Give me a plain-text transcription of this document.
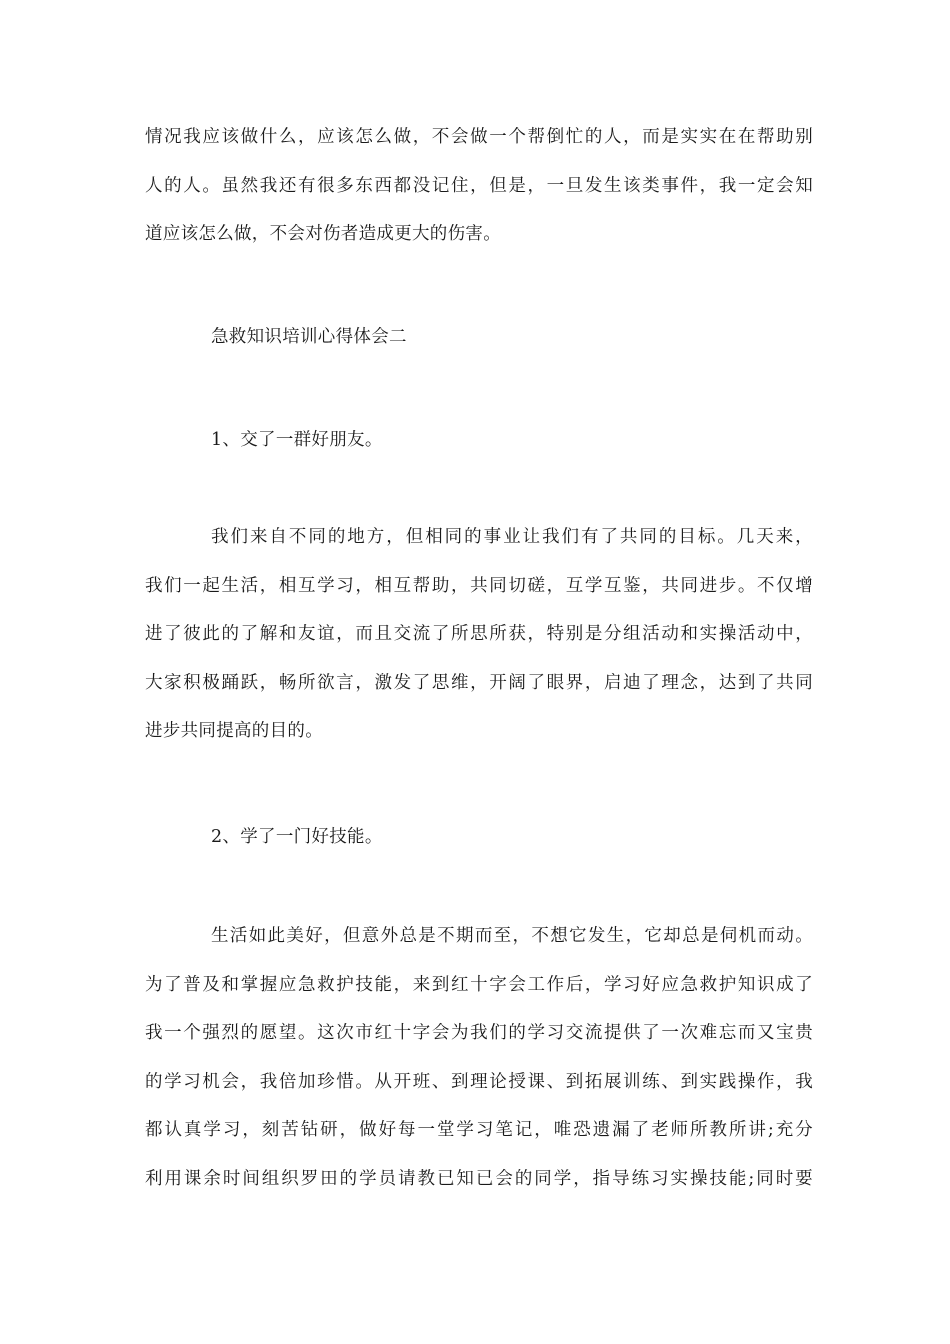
情况我应该做什么，应该怎么做，不会做一个帮倒忙的人，而是实实在在帮助别
人的人。虽然我还有很多东西都没记住，但是，一旦发生该类事件，我一定会知
道应该怎么做，不会对伤者造成更大的伤害。
急救知识培训心得体会二
1、交了一群好朋友。
我们来自不同的地方，但相同的事业让我们有了共同的目标。几天来，
我们一起生活，相互学习，相互帮助，共同切磋，互学互鉴，共同进步。不仅增
进了彼此的了解和友谊，而且交流了所思所获，特别是分组活动和实操活动中，
大家积极踊跃，畅所欲言，激发了思维，开阔了眼界，启迪了理念，达到了共同
进步共同提高的目的。
2、学了一门好技能。
生活如此美好，但意外总是不期而至，不想它发生，它却总是伺机而动。
为了普及和掌握应急救护技能，来到红十字会工作后，学习好应急救护知识成了
我一个强烈的愿望。这次市红十字会为我们的学习交流提供了一次难忘而又宝贵
的学习机会，我倍加珍惜。从开班、到理论授课、到拓展训练、到实践操作，我
都认真学习，刻苦钻研，做好每一堂学习笔记，唯恐遗漏了老师所教所讲;充分
利用课余时间组织罗田的学员请教已知已会的同学，指导练习实操技能;同时要
